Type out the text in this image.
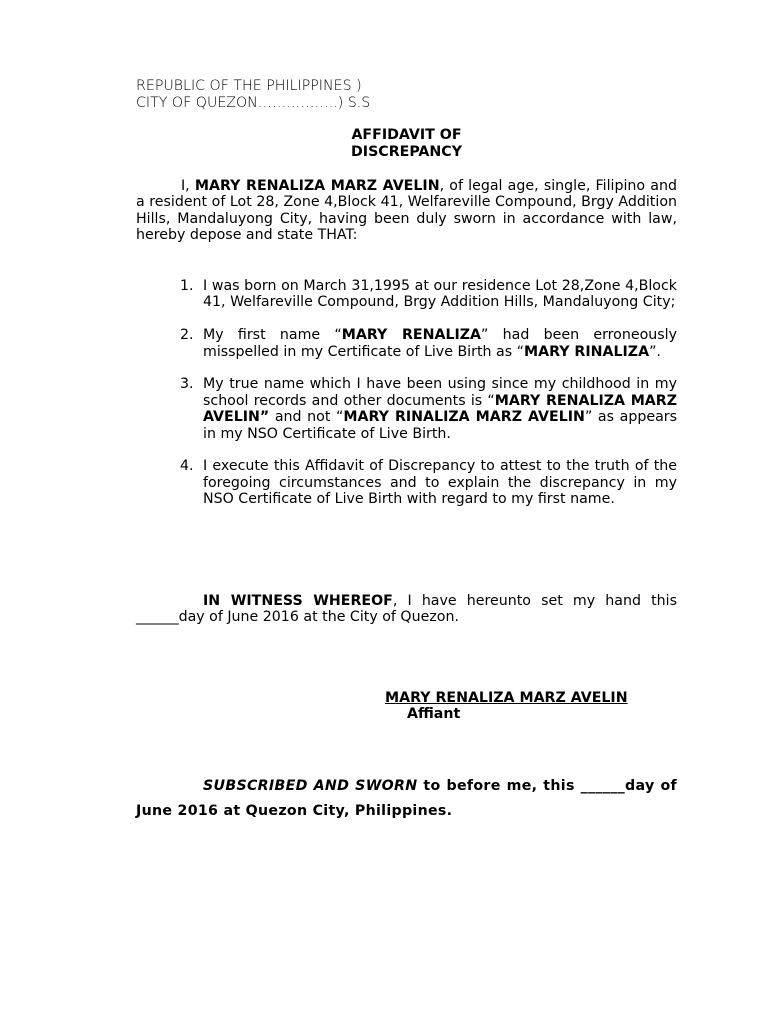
REPUBLIC OF THE PHILIPPINES )
CITY OF QUEZON……………..) S.S
AFFIDAVIT OF
DISCREPANCY

I, MARY RENALIZA MARZ AVELIN, of legal age, single, Filipino and a resident of Lot 28, Zone 4,Block 41, Welfareville Compound, Brgy Addition Hills, Mandaluyong City, having been duly sworn in accordance with law, hereby depose and state THAT:

1. I was born on March 31,1995 at our residence Lot 28,Zone 4,Block 41, Welfareville Compound, Brgy Addition Hills, Mandaluyong City;
2. My first name “MARY RENALIZA” had been erroneously misspelled in my Certificate of Live Birth as “MARY RINALIZA”.
3. My true name which I have been using since my childhood in my school records and other documents is “MARY RENALIZA MARZ AVELIN” and not “MARY RINALIZA MARZ AVELIN” as appears in my NSO Certificate of Live Birth.
4. I execute this Affidavit of Discrepancy to attest to the truth of the foregoing circumstances and to explain the discrepancy in my NSO Certificate of Live Birth with regard to my first name.

IN WITNESS WHEREOF, I have hereunto set my hand this ______day of June 2016 at the City of Quezon.

MARY RENALIZA MARZ AVELIN
Affiant

SUBSCRIBED AND SWORN to before me, this ______day of June 2016 at Quezon City, Philippines.
